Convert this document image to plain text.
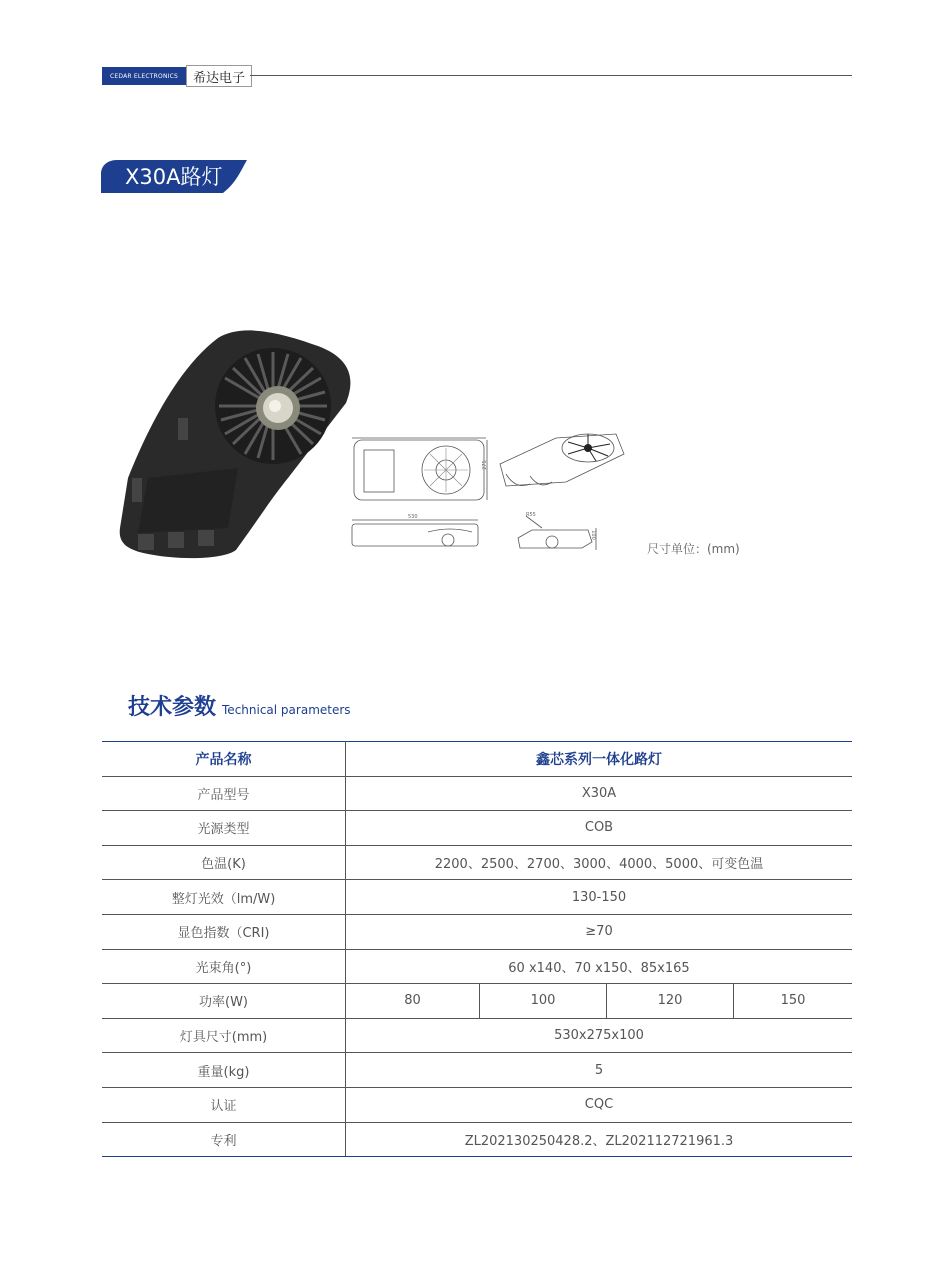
CEDAR ELECTRONICS	希达电子
X30A路灯
275
530	R55
100
尺寸单位：(mm)
技术参数 Technical parameters
产品名称	鑫芯系列一体化路灯			
产品型号	X30A			
光源类型	COB			
色温(K)	2200、2500、2700、3000、4000、5000、可变色温			
整灯光效（lm/W)	130-150			
显色指数（CRI)	≥70			
光束角(°)	60 x140、70 x150、85x165			
功率(W)	80	100	120	150
灯具尺寸(mm)	530x275x100			
重量(kg)	5			
认证	CQC			
专利	ZL202130250428.2、ZL202112721961.3			
